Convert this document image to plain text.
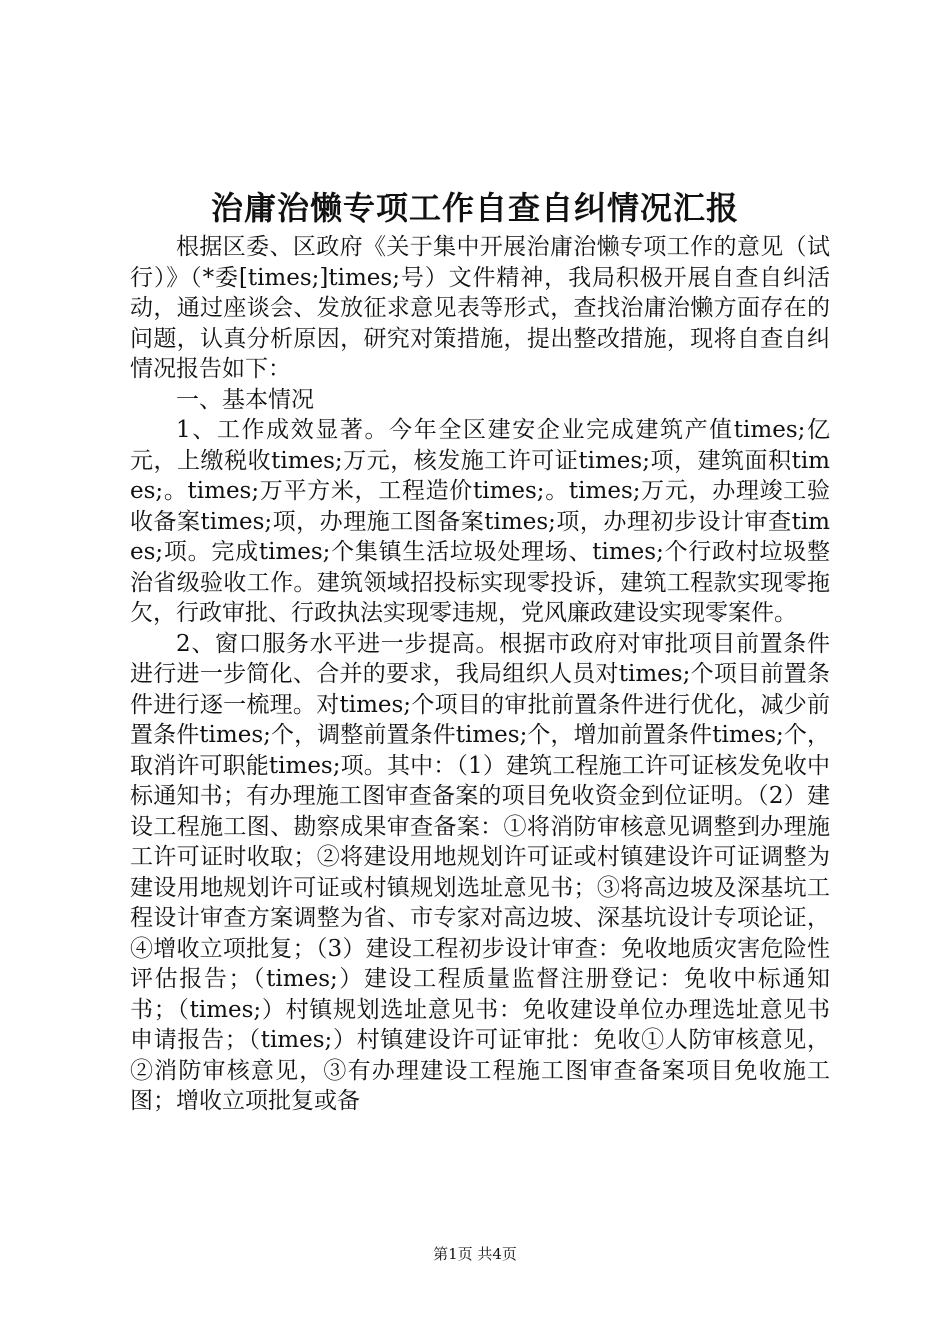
治庸治懒专项工作自查自纠情况汇报

根据区委、区政府《关于集中开展治庸治懒专项工作的意见（试行）》（*委[times;]times;号）文件精神，我局积极开展自查自纠活动，通过座谈会、发放征求意见表等形式，查找治庸治懒方面存在的问题，认真分析原因，研究对策措施，提出整改措施，现将自查自纠情况报告如下：

一、基本情况

1、工作成效显著。今年全区建安企业完成建筑产值times;亿元，上缴税收times;万元，核发施工许可证times;项，建筑面积times;。times;万平方米，工程造价times;。times;万元，办理竣工验收备案times;项，办理施工图备案times;项，办理初步设计审查times;项。完成times;个集镇生活垃圾处理场、times;个行政村垃圾整治省级验收工作。建筑领域招投标实现零投诉，建筑工程款实现零拖欠，行政审批、行政执法实现零违规，党风廉政建设实现零案件。

2、窗口服务水平进一步提高。根据市政府对审批项目前置条件进行进一步简化、合并的要求，我局组织人员对times;个项目前置条件进行逐一梳理。对times;个项目的审批前置条件进行优化，减少前置条件times;个，调整前置条件times;个，增加前置条件times;个，取消许可职能times;项。其中：（1）建筑工程施工许可证核发免收中标通知书；有办理施工图审查备案的项目免收资金到位证明。（2）建设工程施工图、勘察成果审查备案：①将消防审核意见调整到办理施工许可证时收取；②将建设用地规划许可证或村镇建设许可证调整为建设用地规划许可证或村镇规划选址意见书；③将高边坡及深基坑工程设计审查方案调整为省、市专家对高边坡、深基坑设计专项论证，④增收立项批复；（3）建设工程初步设计审查：免收地质灾害危险性评估报告；（times;）建设工程质量监督注册登记：免收中标通知书；（times;）村镇规划选址意见书：免收建设单位办理选址意见书申请报告；（times;）村镇建设许可证审批：免收①人防审核意见，②消防审核意见，③有办理建设工程施工图审查备案项目免收施工图；增收立项批复或备

第1页 共4页
